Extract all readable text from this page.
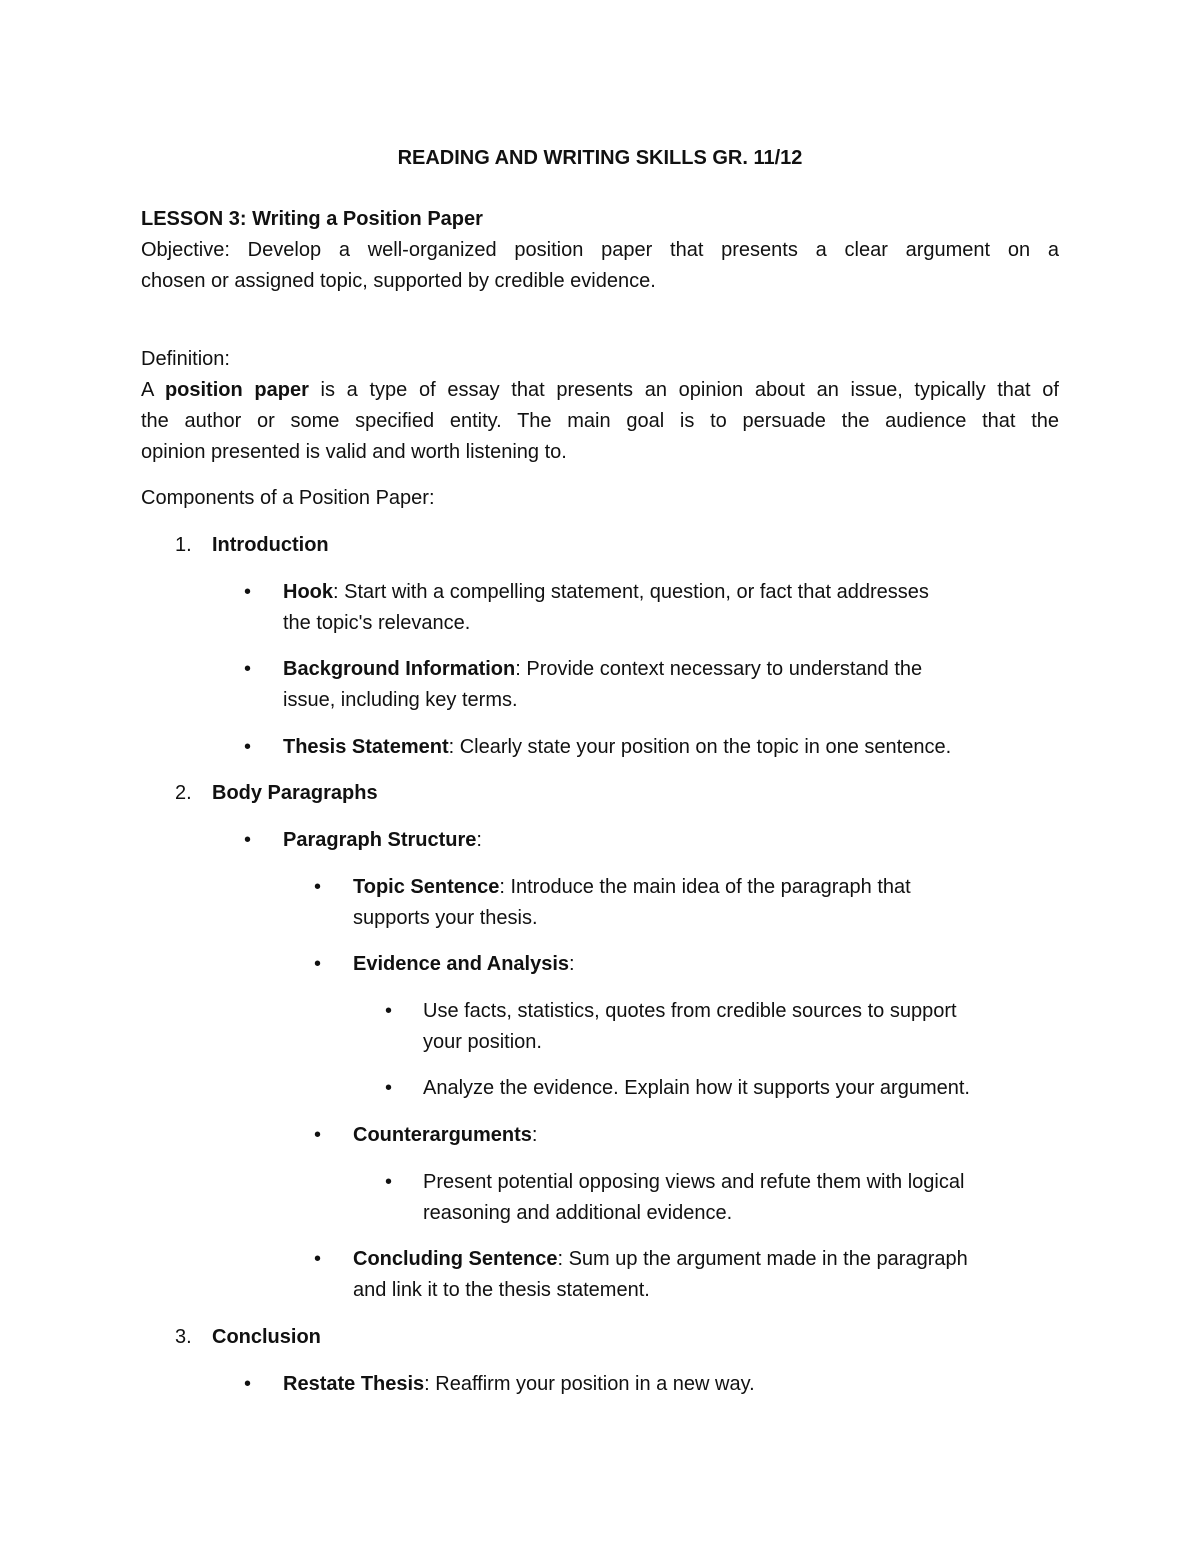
READING AND WRITING SKILLS GR. 11/12
LESSON 3: Writing a Position Paper
Objective: Develop a well-organized position paper that presents a clear argument on a
chosen or assigned topic, supported by credible evidence.
Definition:
A position paper is a type of essay that presents an opinion about an issue, typically that of
the author or some specified entity. The main goal is to persuade the audience that the
opinion presented is valid and worth listening to.
Components of a Position Paper:
1. Introduction
• Hook: Start with a compelling statement, question, or fact that addresses
the topic's relevance.
• Background Information: Provide context necessary to understand the
issue, including key terms.
• Thesis Statement: Clearly state your position on the topic in one sentence.
2. Body Paragraphs
• Paragraph Structure:
• Topic Sentence: Introduce the main idea of the paragraph that
supports your thesis.
• Evidence and Analysis:
• Use facts, statistics, quotes from credible sources to support
your position.
• Analyze the evidence. Explain how it supports your argument.
• Counterarguments:
• Present potential opposing views and refute them with logical
reasoning and additional evidence.
• Concluding Sentence: Sum up the argument made in the paragraph
and link it to the thesis statement.
3. Conclusion
• Restate Thesis: Reaffirm your position in a new way.
